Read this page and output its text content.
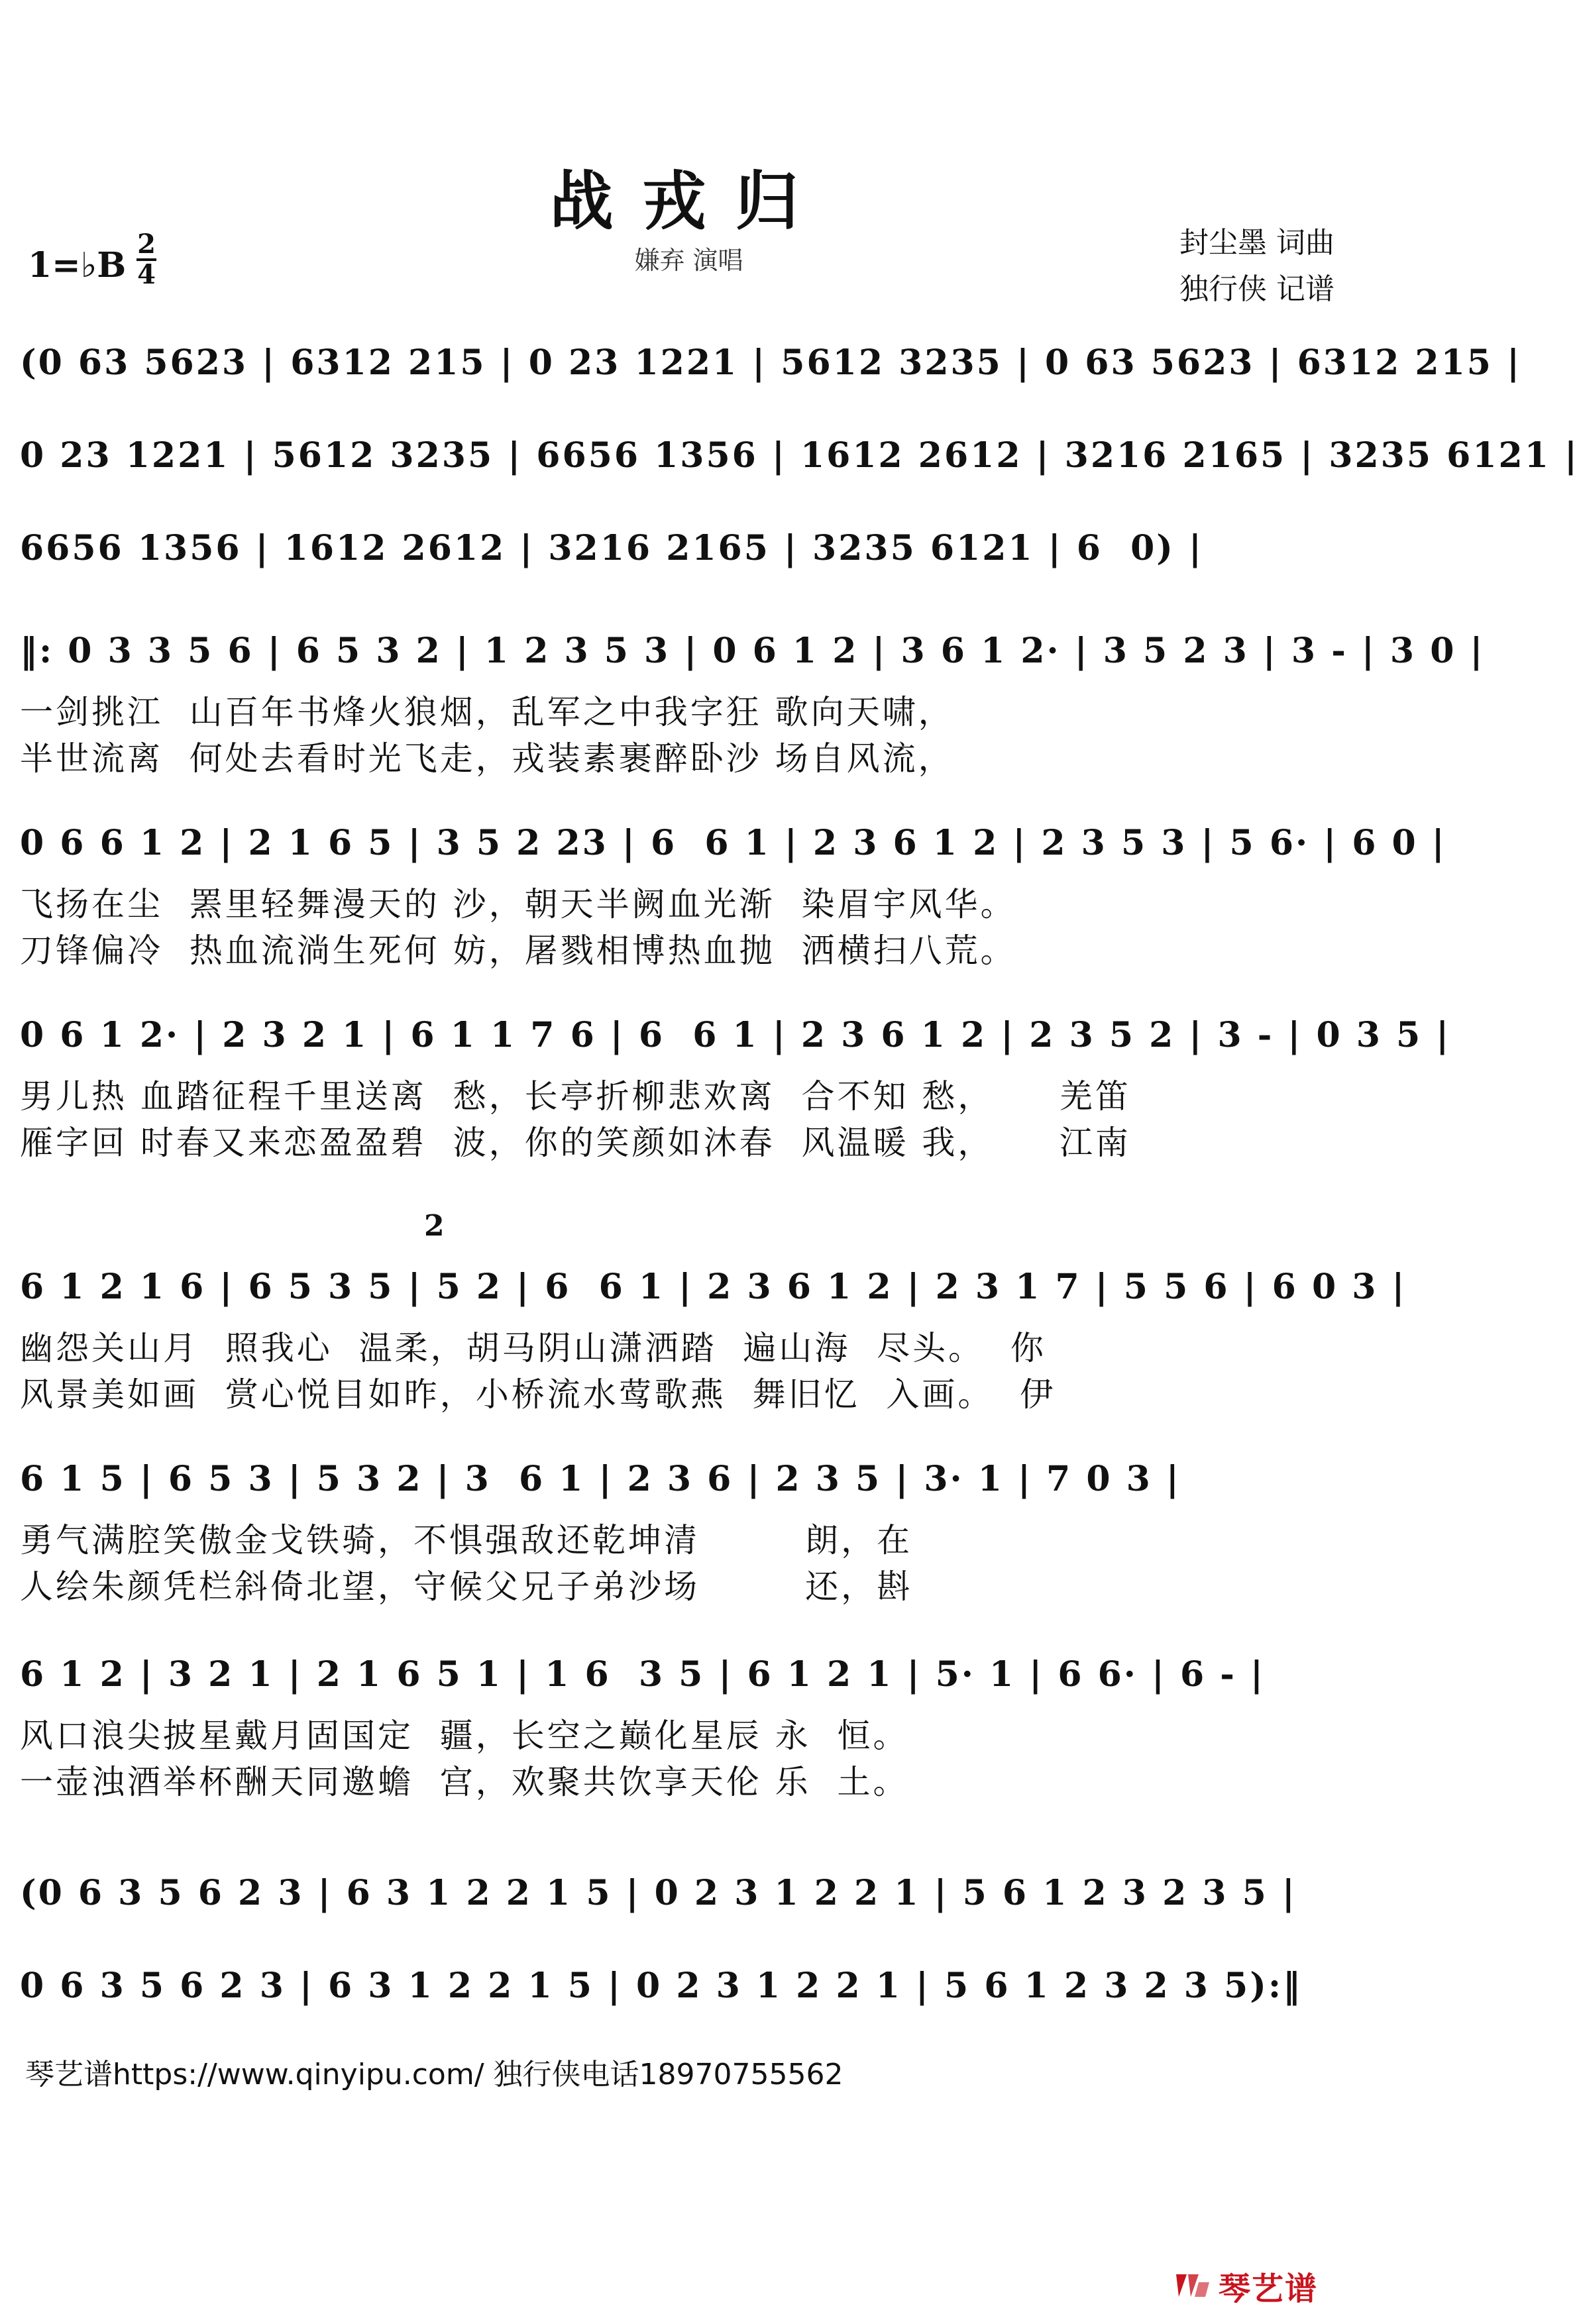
战戎归
嫌弃 演唱
1=♭B
2
4
封尘墨 词曲
独行侠 记谱
(0 63 5623 | 6312 215 | 0 23 1221 | 5612 3235 | 0 63 5623 | 6312 215 |
0 23 1221 | 5612 3235 | 6656 1356 | 1612 2612 | 3216 2165 | 3235 6121 |
6656 1356 | 1612 2612 | 3216 2165 | 3235 6121 | 6  0) |
‖: 0 3 3 5 6 | 6 5 3 2 | 1 2 3 5 3 | 0 6 1 2 | 3 6 1 2· | 3 5 2 3 | 3 - | 3 0 |
一剑挑江  山百年书烽火狼烟，乱军之中我字狂 歌向天啸，
半世流离  何处去看时光飞走，戎装素裹醉卧沙 场自风流，
0 6 6 1 2 | 2 1 6 5 | 3 5 2 23 | 6  6 1 | 2 3 6 1 2 | 2 3 5 3 | 5 6· | 6 0 |
飞扬在尘  罴里轻舞漫天的 沙，朝天半阙血光渐  染眉宇风华。
刀锋偏冷  热血流淌生死何 妨，屠戮相博热血抛  洒横扫八荒。
0 6 1 2· | 2 3 2 1 | 6 1 1 7 6 | 6  6 1 | 2 3 6 1 2 | 2 3 5 2 | 3 - | 0 3 5 |
男儿热 血踏征程千里送离  愁，长亭折柳悲欢离  合不知 愁，     羌笛
雁字回 时春又来恋盈盈碧  波，你的笑颜如沐春  风温暖 我，     江南
6 1 2 1 6 | 6 5 3 5 | 5 2 | 6  6 1 | 2 3 6 1 2 | 2 3 1 7 | 5 5 6 | 6 0 3 |
幽怨关山月  照我心  温柔，胡马阴山潇洒踏  遍山海  尽头。  你
风景美如画  赏心悦目如昨，小桥流水莺歌燕  舞旧忆  入画。  伊
6 1 5 | 6 5 3 | 5 3 2 | 3  6 1 | 2 3 6 | 2 3 5 | 3· 1 | 7 0 3 |
勇气满腔笑傲金戈铁骑，不惧强敌还乾坤清        朗，在
人绘朱颜凭栏斜倚北望，守候父兄子弟沙场        还，斟
6 1 2 | 3 2 1 | 2 1 6 5 1 | 1 6  3 5 | 6 1 2 1 | 5· 1 | 6 6· | 6 - |
风口浪尖披星戴月固国定  疆，长空之巅化星辰 永  恒。
一壶浊酒举杯酬天同邀蟾  宫，欢聚共饮享天伦 乐  土。
(0 6 3 5 6 2 3 | 6 3 1 2 2 1 5 | 0 2 3 1 2 2 1 | 5 6 1 2 3 2 3 5 |
0 6 3 5 6 2 3 | 6 3 1 2 2 1 5 | 0 2 3 1 2 2 1 | 5 6 1 2 3 2 3 5):‖
2
琴艺谱https://www.qinyipu.com/ 独行侠电话18970755562
琴艺谱
